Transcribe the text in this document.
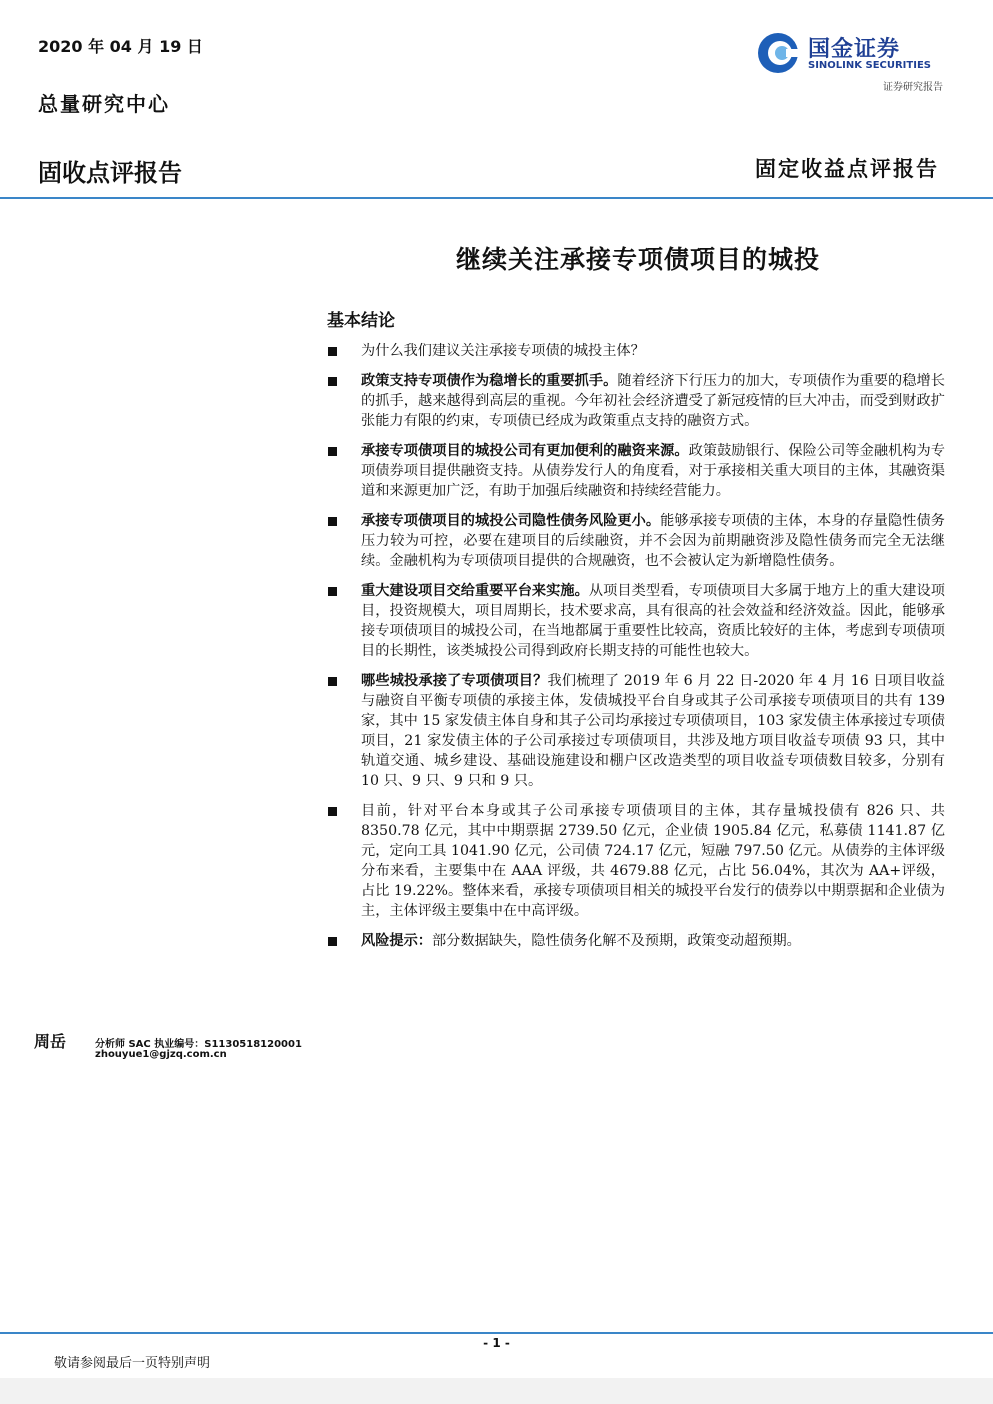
2020 年 04 月 19 日
总量研究中心
固收点评报告	固定收益点评报告
国金证券
SINOLINK SECURITIES
证券研究报告
继续关注承接专项债项目的城投
基本结论
为什么我们建议关注承接专项债的城投主体？
政策支持专项债作为稳增长的重要抓手。随着经济下行压力的加大，专项债作为重要的稳增长的抓手，越来越得到高层的重视。今年初社会经济遭受了新冠疫情的巨大冲击，而受到财政扩张能力有限的约束，专项债已经成为政策重点支持的融资方式。
承接专项债项目的城投公司有更加便利的融资来源。政策鼓励银行、保险公司等金融机构为专项债券项目提供融资支持。从债券发行人的角度看，对于承接相关重大项目的主体，其融资渠道和来源更加广泛，有助于加强后续融资和持续经营能力。
承接专项债项目的城投公司隐性债务风险更小。能够承接专项债的主体，本身的存量隐性债务压力较为可控，必要在建项目的后续融资，并不会因为前期融资涉及隐性债务而完全无法继续。金融机构为专项债项目提供的合规融资，也不会被认定为新增隐性债务。
重大建设项目交给重要平台来实施。从项目类型看，专项债项目大多属于地方上的重大建设项目，投资规模大，项目周期长，技术要求高，具有很高的社会效益和经济效益。因此，能够承接专项债项目的城投公司，在当地都属于重要性比较高，资质比较好的主体，考虑到专项债项目的长期性，该类城投公司得到政府长期支持的可能性也较大。
哪些城投承接了专项债项目？我们梳理了 2019 年 6 月 22 日-2020 年 4 月 16 日项目收益与融资自平衡专项债的承接主体，发债城投平台自身或其子公司承接专项债项目的共有 139 家，其中 15 家发债主体自身和其子公司均承接过专项债项目，103 家发债主体承接过专项债项目，21 家发债主体的子公司承接过专项债项目，共涉及地方项目收益专项债 93 只，其中轨道交通、城乡建设、基础设施建设和棚户区改造类型的项目收益专项债数目较多，分别有 10 只、9 只、9 只和 9 只。
目前，针对平台本身或其子公司承接专项债项目的主体，其存量城投债有 826 只、共 8350.78 亿元，其中中期票据 2739.50 亿元，企业债 1905.84 亿元，私募债 1141.87 亿元，定向工具 1041.90 亿元，公司债 724.17 亿元，短融 797.50 亿元。从债券的主体评级分布来看，主要集中在 AAA 评级，共 4679.88 亿元，占比 56.04%，其次为 AA+评级，占比 19.22%。整体来看，承接专项债项目相关的城投平台发行的债券以中期票据和企业债为主，主体评级主要集中在中高评级。
风险提示：部分数据缺失，隐性债务化解不及预期，政策变动超预期。
周岳	分析师 SAC 执业编号：S1130518120001
zhouyue1@gjzq.com.cn
- 1 -
敬请参阅最后一页特别声明
